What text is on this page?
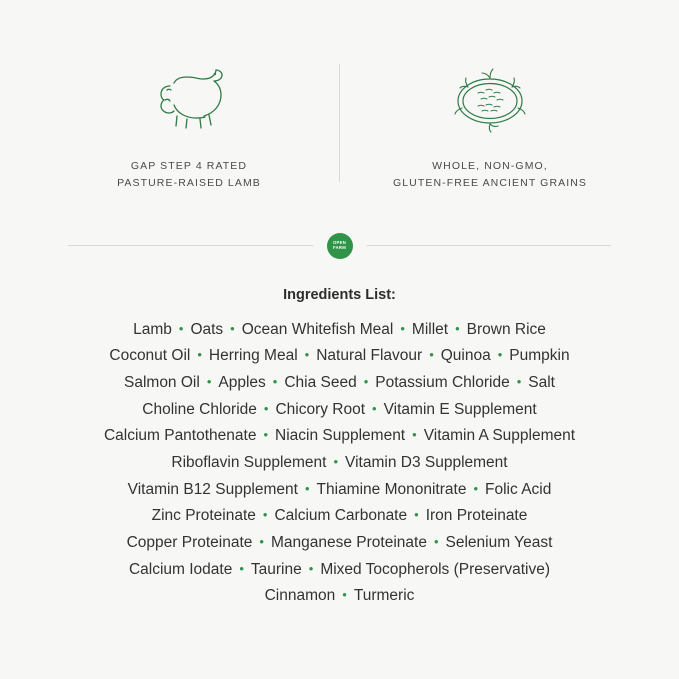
GAP STEP 4 RATED
PASTURE-RAISED LAMB
WHOLE, NON-GMO,
GLUTEN-FREE ANCIENT GRAINS
OPEN
FARM
Ingredients List:
Lamb • Oats • Ocean Whitefish Meal • Millet • Brown Rice
Coconut Oil • Herring Meal • Natural Flavour • Quinoa • Pumpkin
Salmon Oil • Apples • Chia Seed • Potassium Chloride • Salt
Choline Chloride • Chicory Root • Vitamin E Supplement
Calcium Pantothenate • Niacin Supplement • Vitamin A Supplement
Riboflavin Supplement • Vitamin D3 Supplement
Vitamin B12 Supplement • Thiamine Mononitrate • Folic Acid
Zinc Proteinate • Calcium Carbonate • Iron Proteinate
Copper Proteinate • Manganese Proteinate • Selenium Yeast
Calcium Iodate • Taurine • Mixed Tocopherols (Preservative)
Cinnamon • Turmeric
